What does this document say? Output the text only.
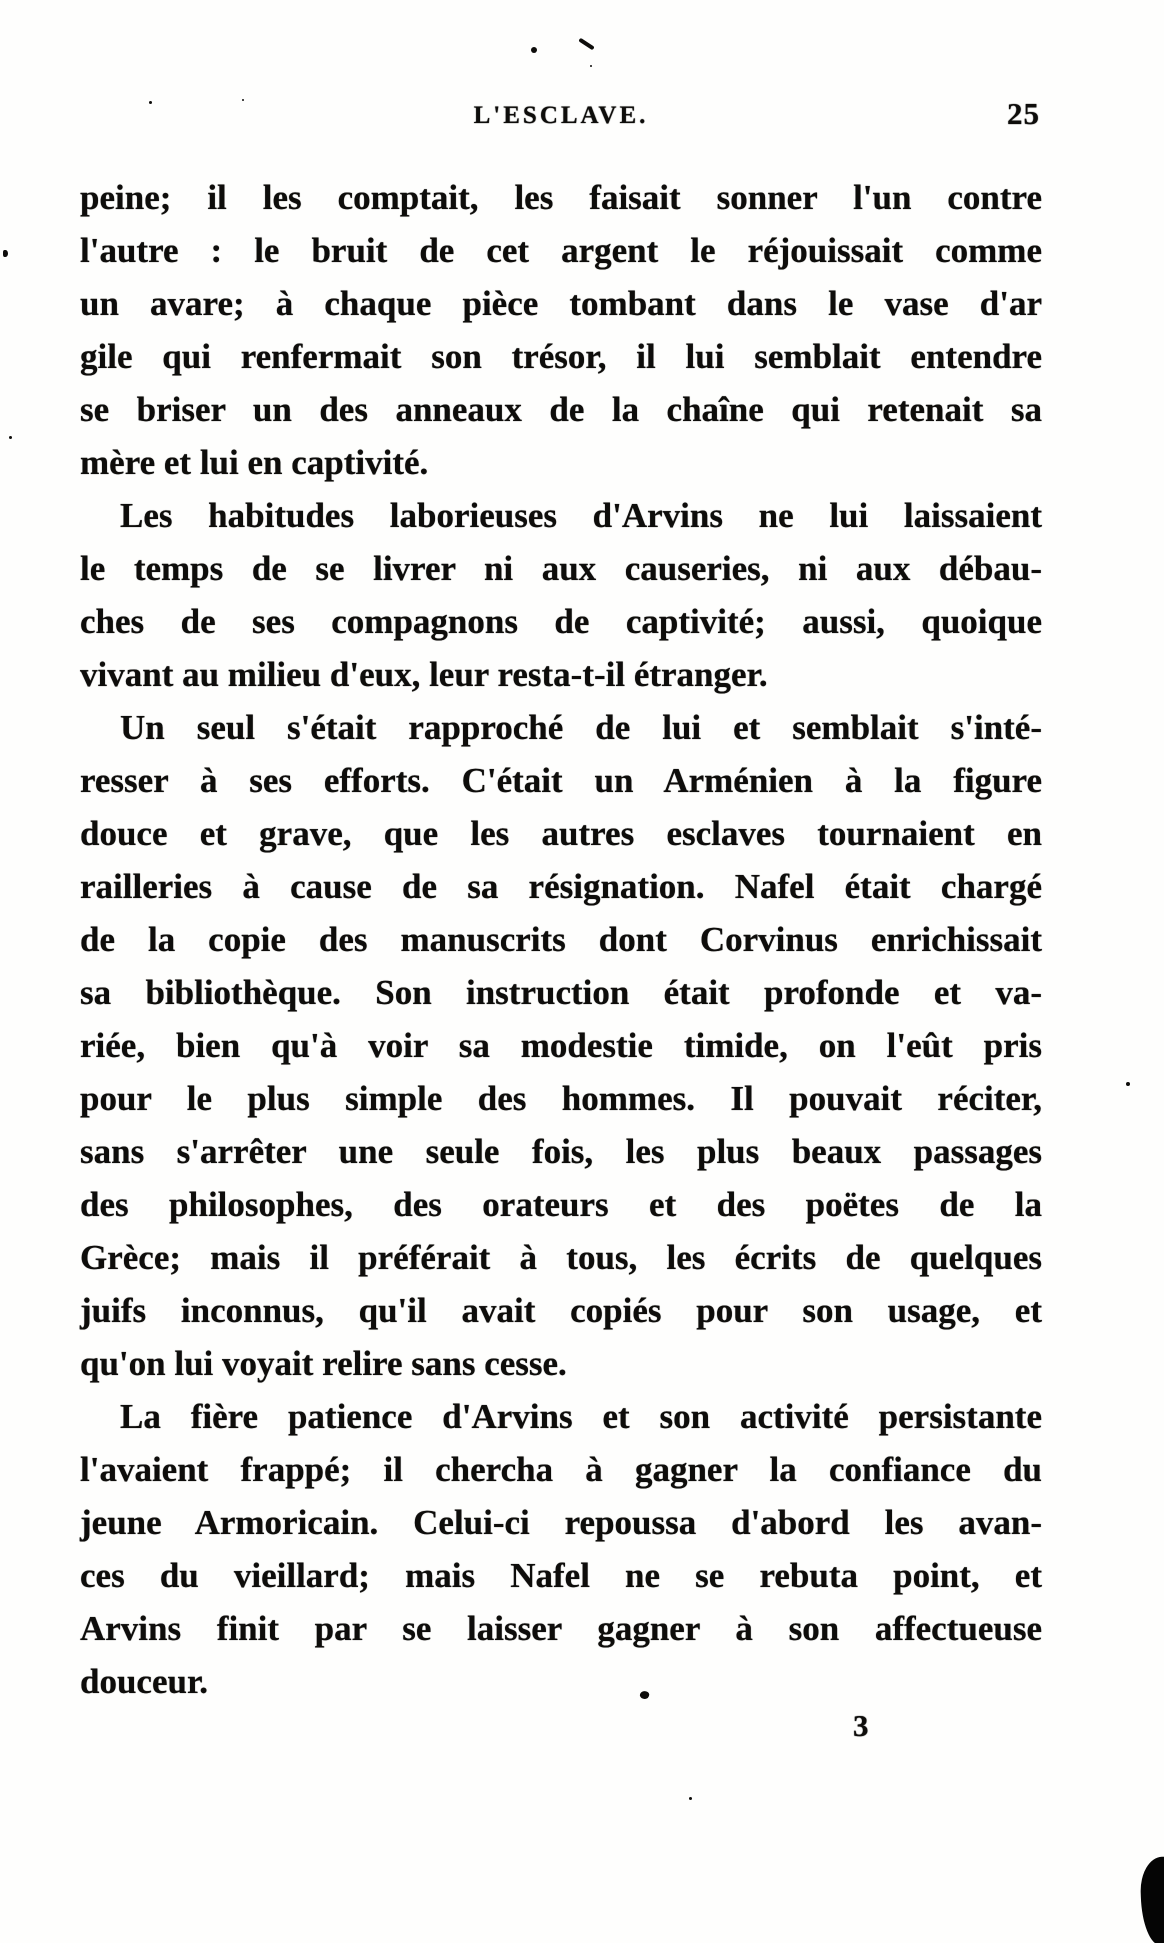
L'ESCLAVE.	25
peine; il les comptait, les faisait sonner l'un contre
l'autre : le bruit de cet argent le réjouissait comme
un avare; à chaque pièce tombant dans le vase d'ar
gile qui renfermait son trésor, il lui semblait entendre
se briser un des anneaux de la chaîne qui retenait sa
mère et lui en captivité.
Les habitudes laborieuses d'Arvins ne lui laissaient
le temps de se livrer ni aux causeries, ni aux débau-
ches de ses compagnons de captivité; aussi, quoique
vivant au milieu d'eux, leur resta-t-il étranger.
Un seul s'était rapproché de lui et semblait s'inté-
resser à ses efforts. C'était un Arménien à la figure
douce et grave, que les autres esclaves tournaient en
railleries à cause de sa résignation. Nafel était chargé
de la copie des manuscrits dont Corvinus enrichissait
sa bibliothèque. Son instruction était profonde et va-
riée, bien qu'à voir sa modestie timide, on l'eût pris
pour le plus simple des hommes. Il pouvait réciter,
sans s'arrêter une seule fois, les plus beaux passages
des philosophes, des orateurs et des poëtes de la
Grèce; mais il préférait à tous, les écrits de quelques
juifs inconnus, qu'il avait copiés pour son usage, et
qu'on lui voyait relire sans cesse.
La fière patience d'Arvins et son activité persistante
l'avaient frappé; il chercha à gagner la confiance du
jeune Armoricain. Celui-ci repoussa d'abord les avan-
ces du vieillard; mais Nafel ne se rebuta point, et
Arvins finit par se laisser gagner à son affectueuse
douceur.
3
